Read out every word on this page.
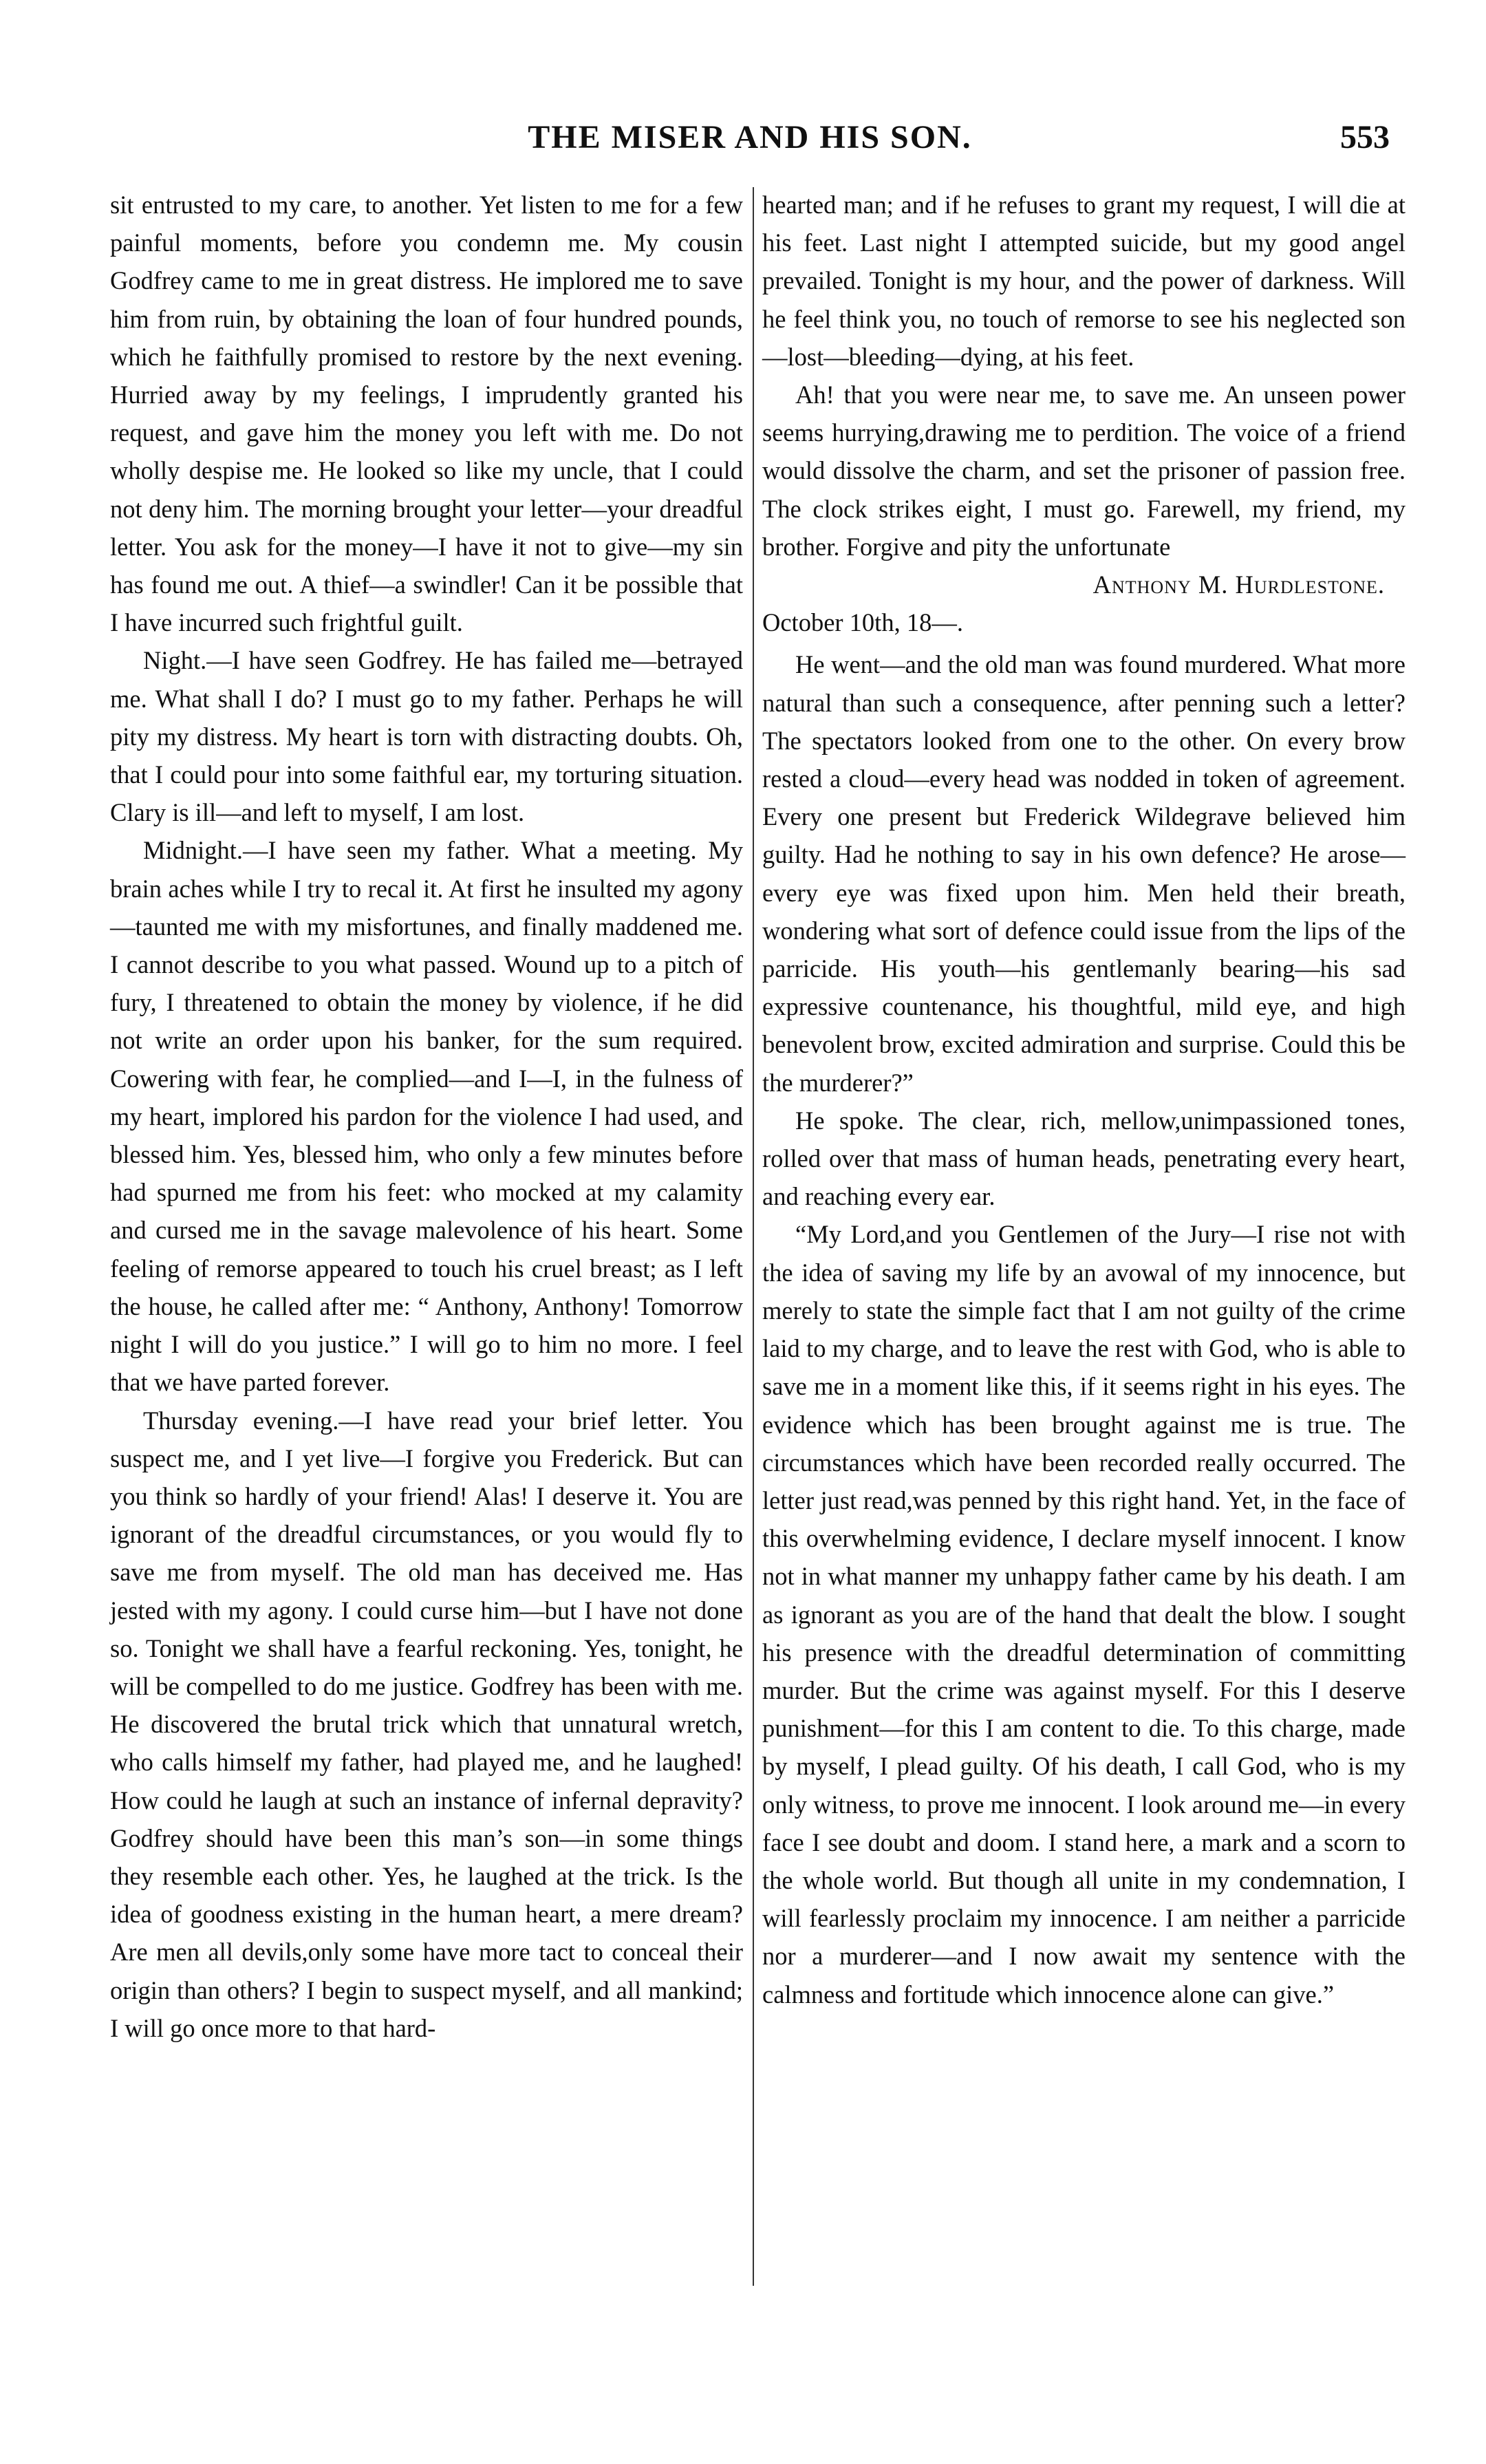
THE MISER AND HIS SON.	553

sit entrusted to my care, to another. Yet listen to me for a few painful moments, before you condemn me. My cousin Godfrey came to me in great distress. He implored me to save him from ruin, by obtaining the loan of four hundred pounds, which he faithfully promised to restore by the next evening. Hurried away by my feelings, I imprudently granted his request, and gave him the money you left with me. Do not wholly despise me. He looked so like my uncle, that I could not deny him. The morning brought your letter—your dreadful letter. You ask for the money—I have it not to give—my sin has found me out. A thief—a swindler! Can it be possible that I have incurred such frightful guilt.

Night.—I have seen Godfrey. He has failed me—betrayed me. What shall I do? I must go to my father. Perhaps he will pity my distress. My heart is torn with distracting doubts. Oh, that I could pour into some faithful ear, my torturing situation. Clary is ill—and left to myself, I am lost.

Midnight.—I have seen my father. What a meeting. My brain aches while I try to recal it. At first he insulted my agony—taunted me with my misfortunes, and finally maddened me. I cannot describe to you what passed. Wound up to a pitch of fury, I threatened to obtain the money by violence, if he did not write an order upon his banker, for the sum required. Cowering with fear, he complied—and I—I, in the fulness of my heart, implored his pardon for the violence I had used, and blessed him. Yes, blessed him, who only a few minutes before had spurned me from his feet: who mocked at my calamity and cursed me in the savage malevolence of his heart. Some feeling of remorse appeared to touch his cruel breast; as I left the house, he called after me: “ Anthony, Anthony! Tomorrow night I will do you justice.” I will go to him no more. I feel that we have parted forever.

Thursday evening.—I have read your brief letter. You suspect me, and I yet live—I forgive you Frederick. But can you think so hardly of your friend! Alas! I deserve it. You are ignorant of the dreadful circumstances, or you would fly to save me from myself. The old man has deceived me. Has jested with my agony. I could curse him—but I have not done so. Tonight we shall have a fearful reckoning. Yes, tonight, he will be compelled to do me justice. Godfrey has been with me. He discovered the brutal trick which that unnatural wretch, who calls himself my father, had played me, and he laughed! How could he laugh at such an instance of infernal depravity? Godfrey should have been this man’s son—in some things they resemble each other. Yes, he laughed at the trick. Is the idea of goodness existing in the human heart, a mere dream? Are men all devils,only some have more tact to conceal their origin than others? I begin to suspect myself, and all mankind; I will go once more to that hard-

hearted man; and if he refuses to grant my request, I will die at his feet. Last night I attempted suicide, but my good angel prevailed. Tonight is my hour, and the power of darkness. Will he feel think you, no touch of remorse to see his neglected son—lost—bleeding—dying, at his feet.

Ah! that you were near me, to save me. An unseen power seems hurrying,drawing me to perdition. The voice of a friend would dissolve the charm, and set the prisoner of passion free. The clock strikes eight, I must go. Farewell, my friend, my brother. Forgive and pity the unfortunate

Anthony M. Hurdlestone.

October 10th, 18—.

He went—and the old man was found murdered. What more natural than such a consequence, after penning such a letter? The spectators looked from one to the other. On every brow rested a cloud—every head was nodded in token of agreement. Every one present but Frederick Wildegrave believed him guilty. Had he nothing to say in his own defence? He arose—every eye was fixed upon him. Men held their breath, wondering what sort of defence could issue from the lips of the parricide. His youth—his gentlemanly bearing—his sad expressive countenance, his thoughtful, mild eye, and high benevolent brow, excited admiration and surprise. Could this be the murderer?”

He spoke. The clear, rich, mellow,unimpassioned tones, rolled over that mass of human heads, penetrating every heart, and reaching every ear.

“My Lord,and you Gentlemen of the Jury—I rise not with the idea of saving my life by an avowal of my innocence, but merely to state the simple fact that I am not guilty of the crime laid to my charge, and to leave the rest with God, who is able to save me in a moment like this, if it seems right in his eyes. The evidence which has been brought against me is true. The circumstances which have been recorded really occurred. The letter just read,was penned by this right hand. Yet, in the face of this overwhelming evidence, I declare myself innocent. I know not in what manner my unhappy father came by his death. I am as ignorant as you are of the hand that dealt the blow. I sought his presence with the dreadful determination of committing murder. But the crime was against myself. For this I deserve punishment—for this I am content to die. To this charge, made by myself, I plead guilty. Of his death, I call God, who is my only witness, to prove me innocent. I look around me—in every face I see doubt and doom. I stand here, a mark and a scorn to the whole world. But though all unite in my condemnation, I will fearlessly proclaim my innocence. I am neither a parricide nor a murderer—and I now await my sentence with the calmness and fortitude which innocence alone can give.”
